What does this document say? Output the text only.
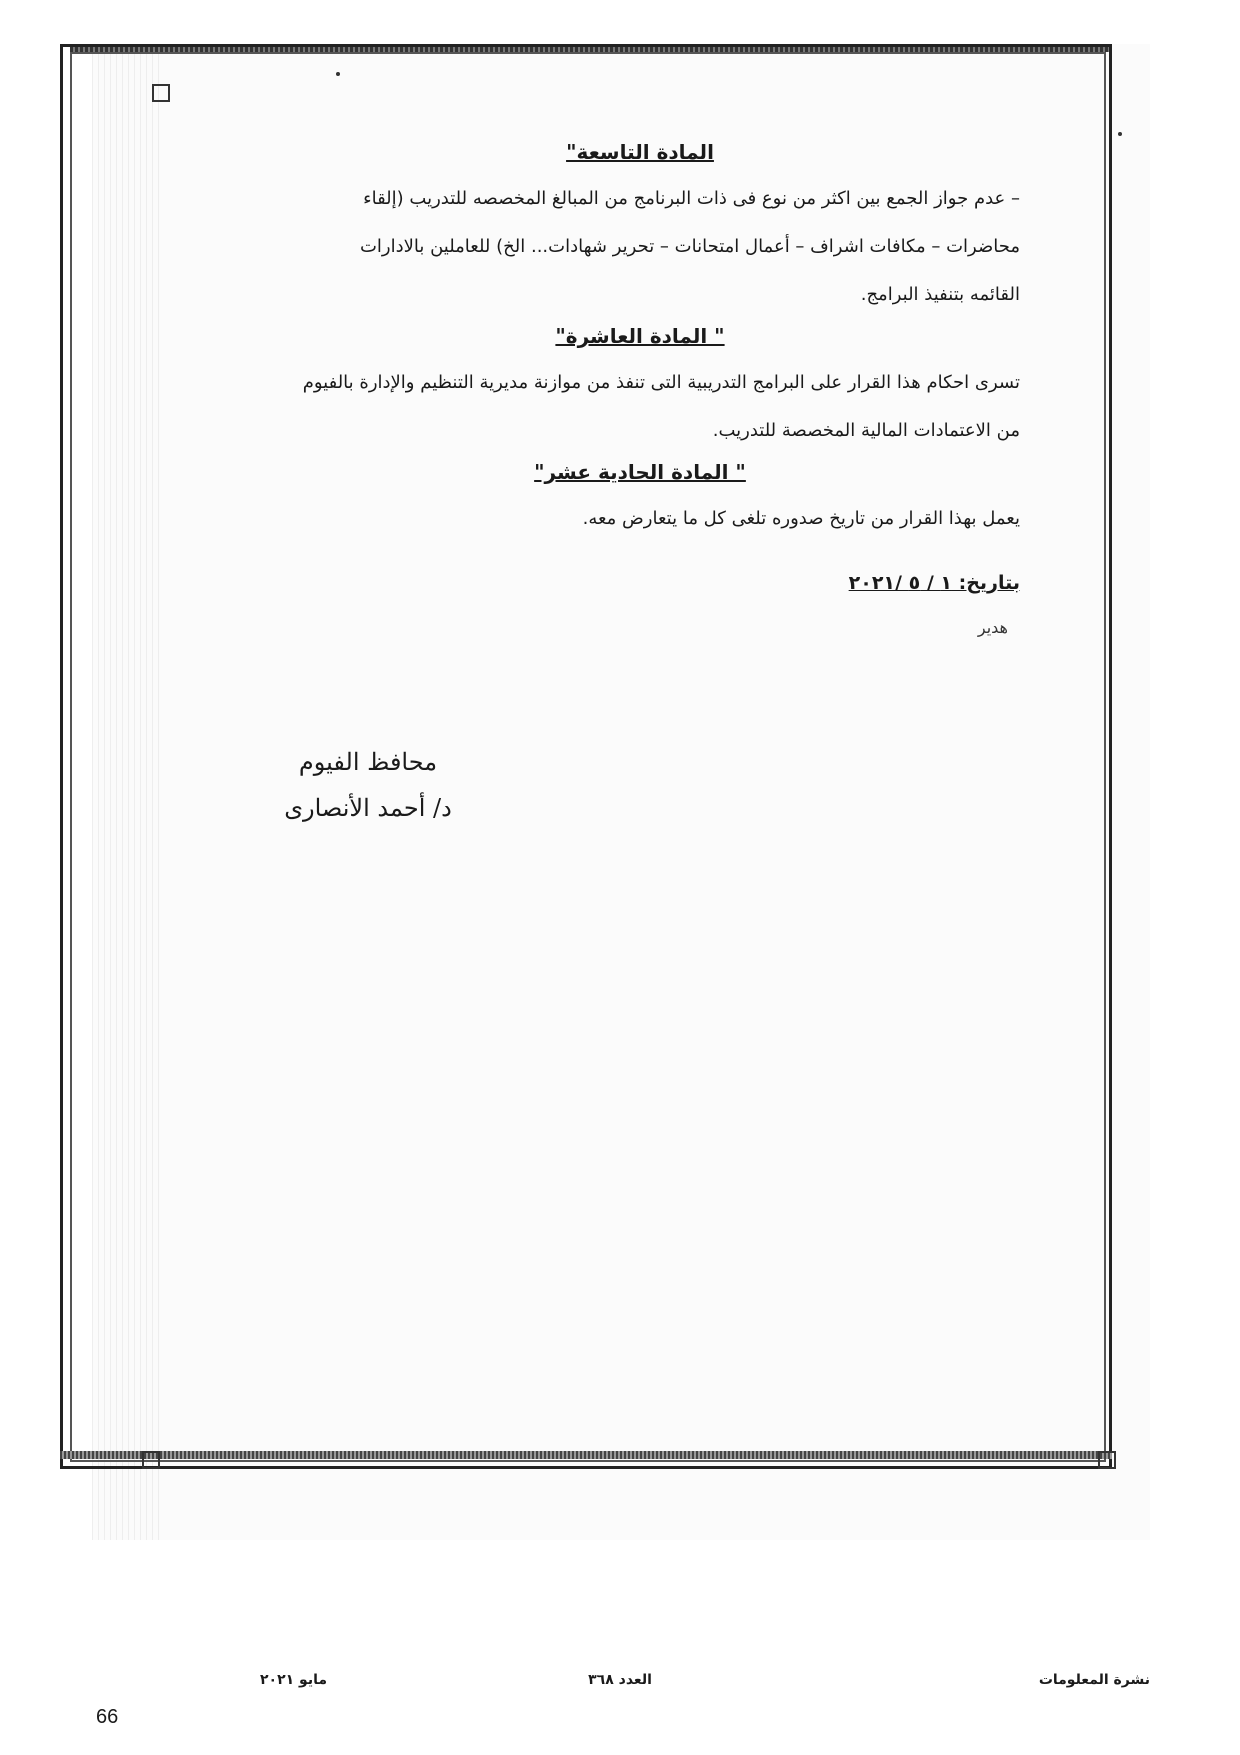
المادة التاسعة"
– عدم جواز الجمع بين اكثر من نوع فى ذات البرنامج من المبالغ المخصصه للتدريب (إلقاء
محاضرات – مكافات اشراف – أعمال امتحانات – تحرير شهادات... الخ) للعاملين بالادارات
القائمه بتنفيذ البرامج.
" المادة العاشرة"
تسرى احكام هذا القرار على البرامج التدريبية التى تنفذ من موازنة مديرية التنظيم والإدارة بالفيوم
من الاعتمادات المالية المخصصة للتدريب.
" المادة الحادية عشر"
يعمل بهذا القرار من تاريخ صدوره تلغى كل ما يتعارض معه.
بتاريخ: ١ / ٥ /٢٠٢١
هدير
محافظ الفيوم
د/ أحمد الأنصارى
نشرة المعلومات
العدد ٣٦٨
مايو ٢٠٢١
66
